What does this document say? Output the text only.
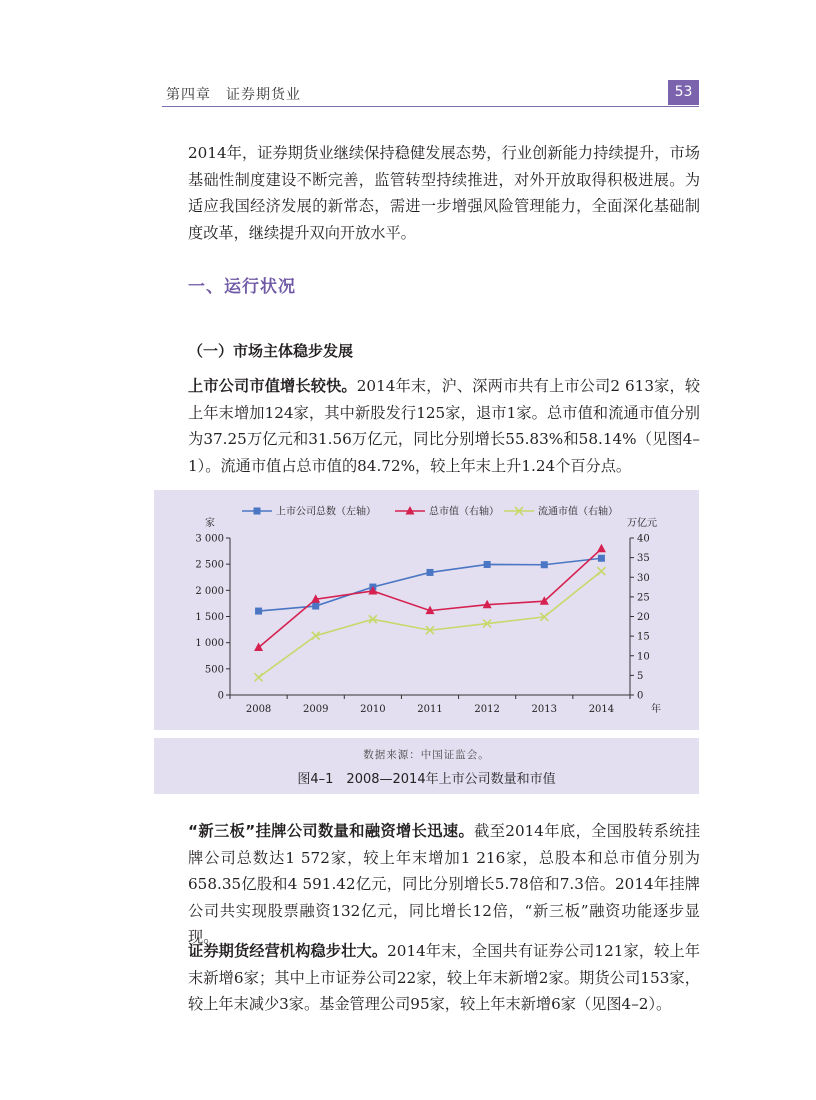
第四章　证券期货业	53

2014年，证券期货业继续保持稳健发展态势，行业创新能力持续提升，市场基础性制度建设不断完善，监管转型持续推进，对外开放取得积极进展。为适应我国经济发展的新常态，需进一步增强风险管理能力，全面深化基础制度改革，继续提升双向开放水平。

一、运行状况
（一）市场主体稳步发展

上市公司市值增长较快。2014年末，沪、深两市共有上市公司2 613家，较上年末增加124家，其中新股发行125家，退市1家。总市值和流通市值分别为37.25万亿元和31.56万亿元，同比分别增长55.83%和58.14%（见图4–1）。流通市值占总市值的84.72%，较上年末上升1.24个百分点。

0
500
1 000
1 500
2 000
2 500
3 000
0
5
10
15
20
25
30
35
40
2008	2009	2010	2011	2012	2013	2014	年
家	万亿元
上市公司总数（左轴）	总市值（右轴）	流通市值（右轴）
数据来源：中国证监会。
图4–1　2008—2014年上市公司数量和市值

“新三板”挂牌公司数量和融资增长迅速。截至2014年底，全国股转系统挂牌公司总数达1 572家，较上年末增加1 216家，总股本和总市值分别为658.35亿股和4 591.42亿元，同比分别增长5.78倍和7.3倍。2014年挂牌公司共实现股票融资132亿元，同比增长12倍，“新三板”融资功能逐步显现。

证券期货经营机构稳步壮大。2014年末，全国共有证券公司121家，较上年末新增6家；其中上市证券公司22家，较上年末新增2家。期货公司153家，较上年末减少3家。基金管理公司95家，较上年末新增6家（见图4–2）。
